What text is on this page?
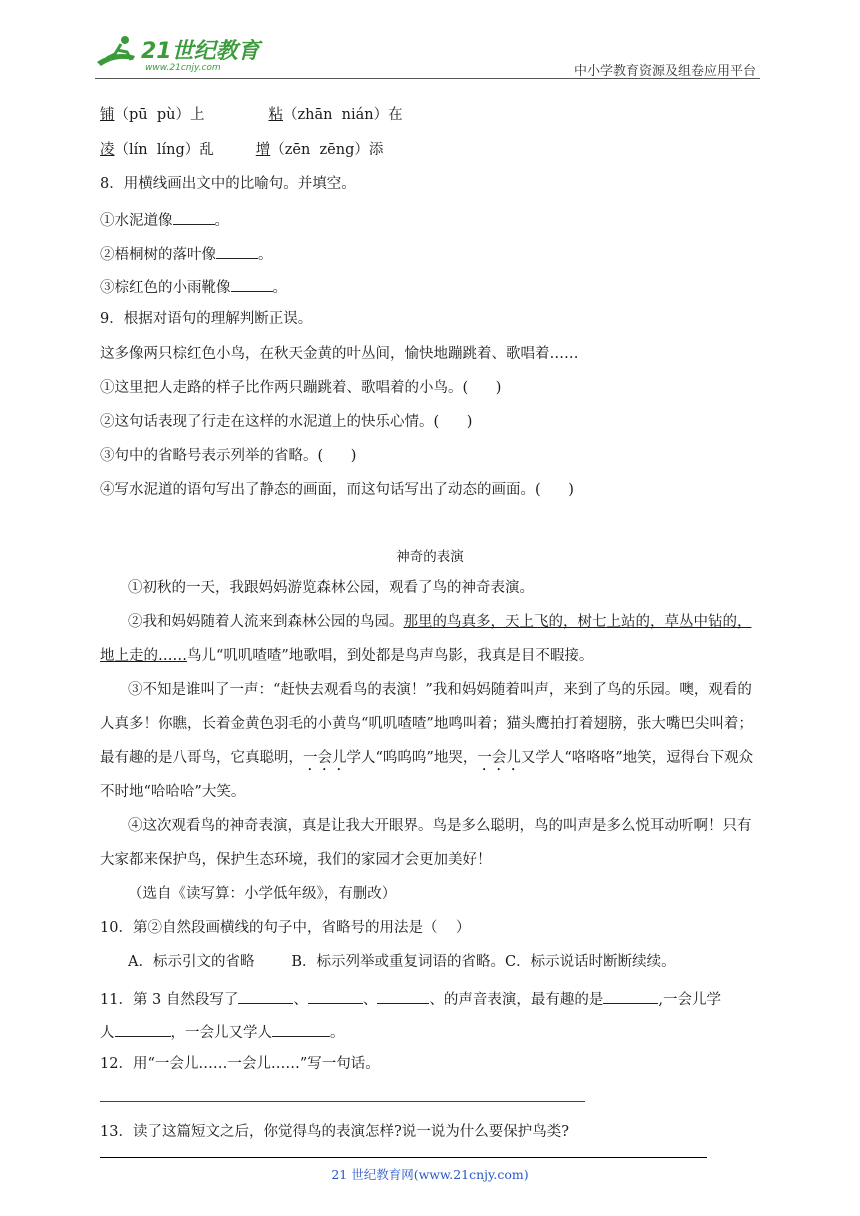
21世纪教育
www.21cnjy.com	中小学教育资源及组卷应用平台
铺（pū  pù）上	粘（zhān  nián）在
凌（lín  líng）乱	增（zēn  zēng）添
8．用横线画出文中的比喻句。并填空。
①水泥道像	。
②梧桐树的落叶像	。
③棕红色的小雨靴像	。
9．根据对语句的理解判断正误。
这多像两只棕红色小鸟，在秋天金黄的叶丛间，愉快地蹦跳着、歌唱着……
①这里把人走路的样子比作两只蹦跳着、歌唱着的小鸟。(      )
②这句话表现了行走在这样的水泥道上的快乐心情。(      )
③句中的省略号表示列举的省略。(      )
④写水泥道的语句写出了静态的画面，而这句话写出了动态的画面。(      )
神奇的表演
①初秋的一天，我跟妈妈游览森林公园，观看了鸟的神奇表演。
②我和妈妈随着人流来到森林公园的鸟园。那里的鸟真多，天上飞的，树七上站的，草丛中钻的，地上走的……鸟儿“叽叽喳喳”地歌唱，到处都是鸟声鸟影，我真是目不暇接。
③不知是谁叫了一声：“赶快去观看鸟的表演！”我和妈妈随着叫声，来到了鸟的乐园。噢，观看的人真多！你瞧，长着金黄色羽毛的小黄鸟“叽叽喳喳”地鸣叫着；猫头鹰拍打着翅膀，张大嘴巴尖叫着；最有趣的是八哥鸟，它真聪明，一会儿学人“呜呜呜”地哭，一会儿又学人“咯咯咯”地笑，逗得台下观众不时地“哈哈哈”大笑。
④这次观看鸟的神奇表演，真是让我大开眼界。鸟是多么聪明，鸟的叫声是多么悦耳动听啊！只有大家都来保护鸟，保护生态环境，我们的家园才会更加美好！
（选自《读写算：小学低年级》，有删改）
10．第②自然段画横线的句子中，省略号的用法是（    ）
A．标示引文的省略        B．标示列举或重复词语的省略。C．标示说话时断断续续。
11．第 3 自然段写了	、	、	、的声音表演，最有趣的是	,一会儿学
人	，一会儿又学人	。
12．用“一会儿……一会儿……”写一句话。
13．读了这篇短文之后，你觉得鸟的表演怎样?说一说为什么要保护鸟类?
21 世纪教育网(www.21cnjy.com)
